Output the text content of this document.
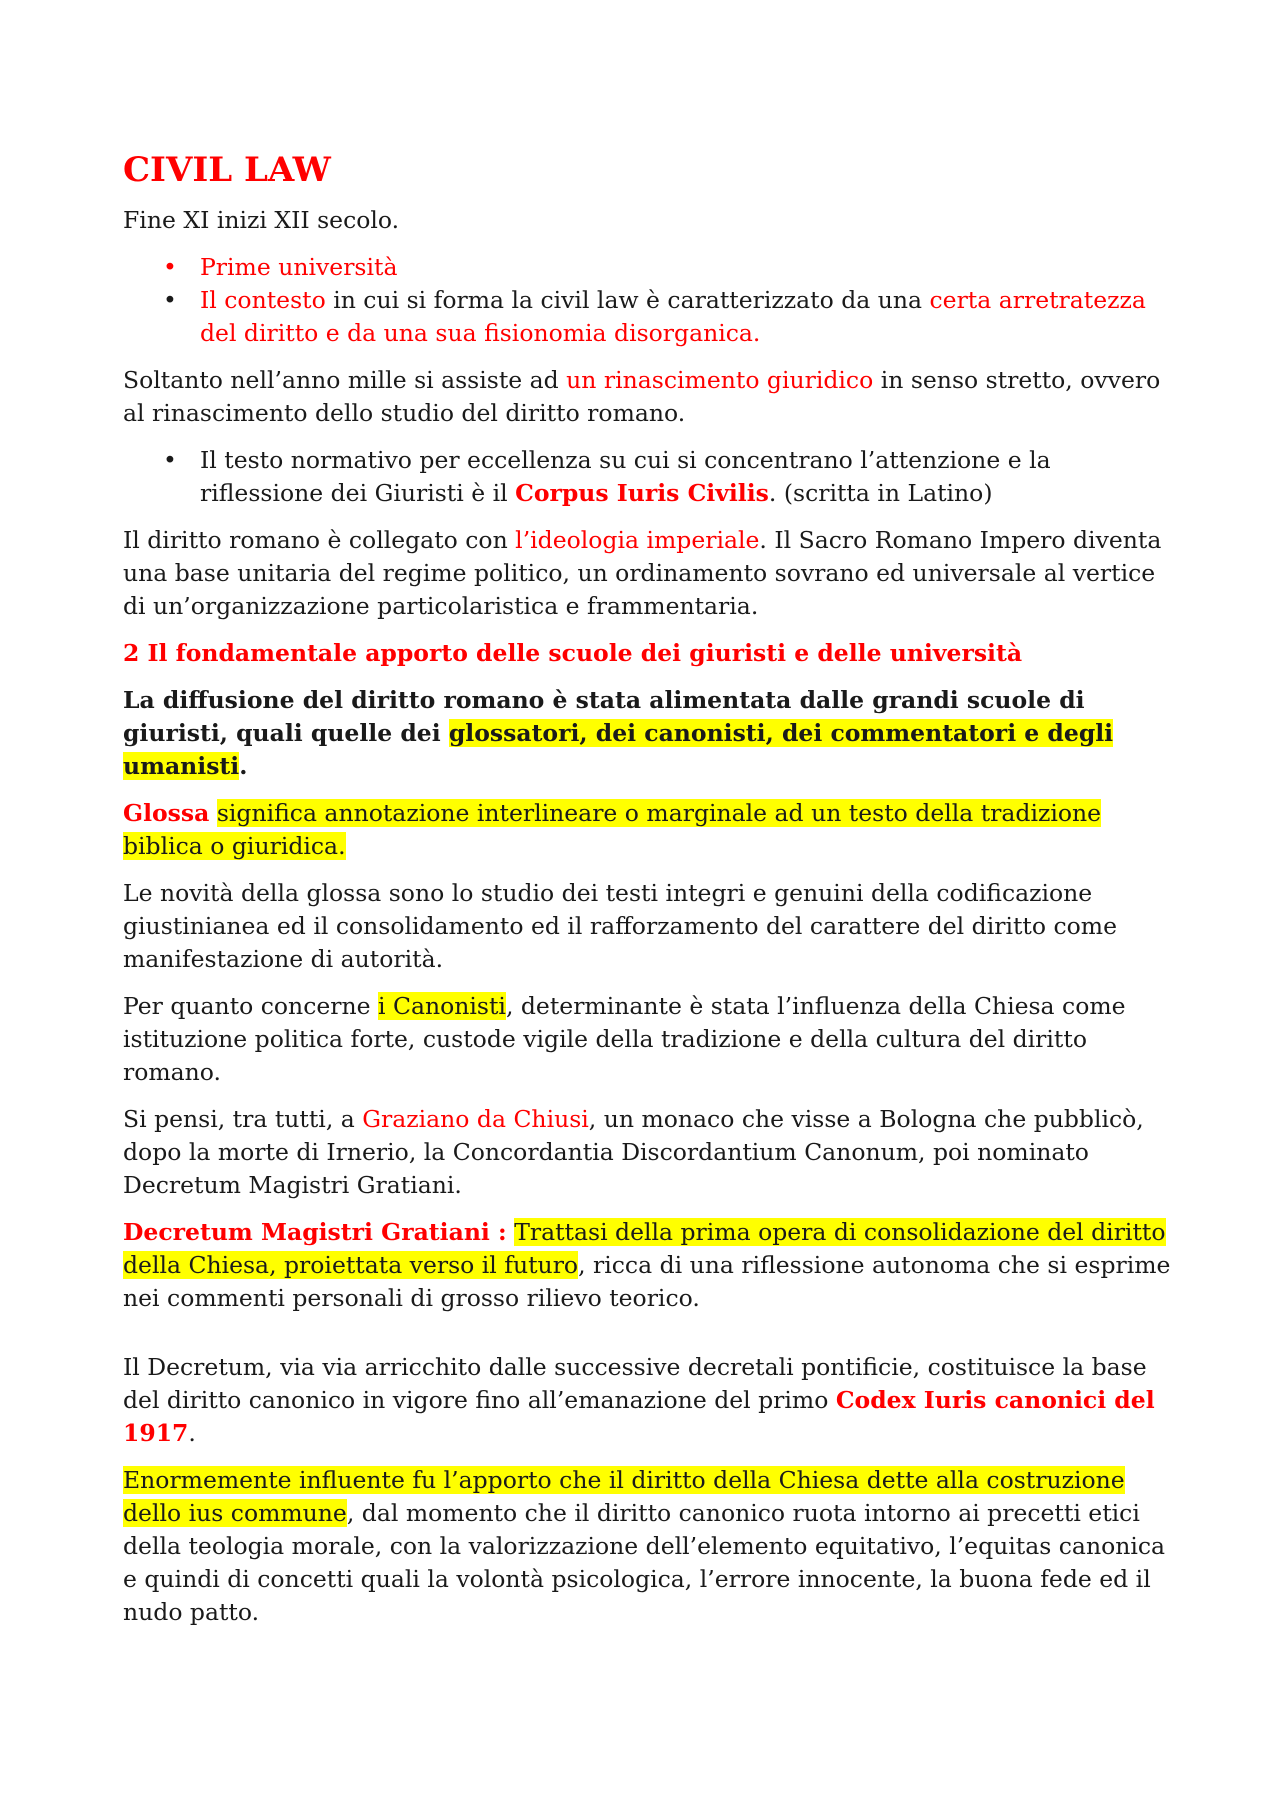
CIVIL LAW

Fine XI inizi XII secolo.

• Prime università
• Il contesto in cui si forma la civil law è caratterizzato da una certa arretratezza del diritto e da una sua fisionomia disorganica.

Soltanto nell’anno mille si assiste ad un rinascimento giuridico in senso stretto, ovvero al rinascimento dello studio del diritto romano.

• Il testo normativo per eccellenza su cui si concentrano l’attenzione e la riflessione dei Giuristi è il Corpus Iuris Civilis. (scritta in Latino)

Il diritto romano è collegato con l’ideologia imperiale. Il Sacro Romano Impero diventa una base unitaria del regime politico, un ordinamento sovrano ed universale al vertice di un’organizzazione particolaristica e frammentaria.

2 Il fondamentale apporto delle scuole dei giuristi e delle università

La diffusione del diritto romano è stata alimentata dalle grandi scuole di giuristi, quali quelle dei glossatori, dei canonisti, dei commentatori e degli umanisti.

Glossa significa annotazione interlineare o marginale ad un testo della tradizione biblica o giuridica.

Le novità della glossa sono lo studio dei testi integri e genuini della codificazione giustinianea ed il consolidamento ed il rafforzamento del carattere del diritto come manifestazione di autorità.

Per quanto concerne i Canonisti, determinante è stata l’influenza della Chiesa come istituzione politica forte, custode vigile della tradizione e della cultura del diritto romano.

Si pensi, tra tutti, a Graziano da Chiusi, un monaco che visse a Bologna che pubblicò, dopo la morte di Irnerio, la Concordantia Discordantium Canonum, poi nominato Decretum Magistri Gratiani.

Decretum Magistri Gratiani : Trattasi della prima opera di consolidazione del diritto della Chiesa, proiettata verso il futuro, ricca di una riflessione autonoma che si esprime nei commenti personali di grosso rilievo teorico.

Il Decretum, via via arricchito dalle successive decretali pontificie, costituisce la base del diritto canonico in vigore fino all’emanazione del primo Codex Iuris canonici del 1917.

Enormemente influente fu l’apporto che il diritto della Chiesa dette alla costruzione dello ius commune, dal momento che il diritto canonico ruota intorno ai precetti etici della teologia morale, con la valorizzazione dell’elemento equitativo, l’equitas canonica e quindi di concetti quali la volontà psicologica, l’errore innocente, la buona fede ed il nudo patto.
